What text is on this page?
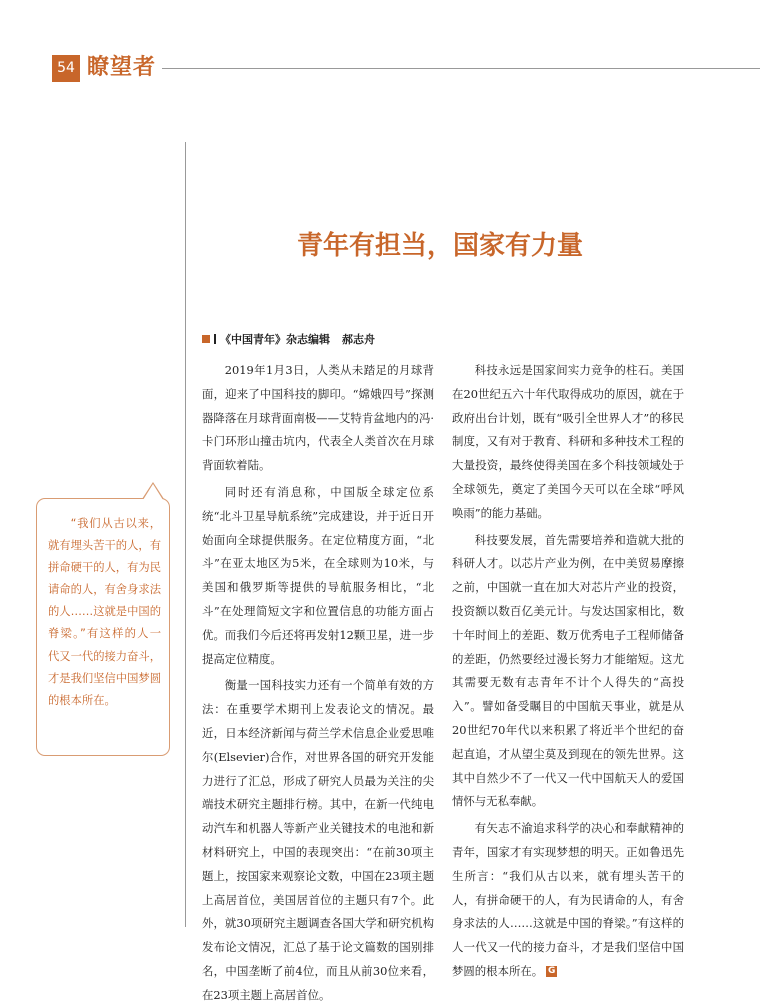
54 瞭望者
青年有担当，国家有力量
《中国青年》杂志编辑 郝志舟

2019年1月3日，人类从未踏足的月球背面，迎来了中国科技的脚印。“嫦娥四号”探测器降落在月球背面南极——艾特肯盆地内的冯·卡门环形山撞击坑内，代表全人类首次在月球背面软着陆。

同时还有消息称，中国版全球定位系统“北斗卫星导航系统”完成建设，并于近日开始面向全球提供服务。在定位精度方面，“北斗”在亚太地区为5米，在全球则为10米，与美国和俄罗斯等提供的导航服务相比，“北斗”在处理简短文字和位置信息的功能方面占优。而我们今后还将再发射12颗卫星，进一步提高定位精度。

衡量一国科技实力还有一个简单有效的方法：在重要学术期刊上发表论文的情况。最近，日本经济新闻与荷兰学术信息企业爱思唯尔(Elsevier)合作，对世界各国的研究开发能力进行了汇总，形成了研究人员最为关注的尖端技术研究主题排行榜。其中，在新一代纯电动汽车和机器人等新产业关键技术的电池和新材料研究上，中国的表现突出：“在前30项主题上，按国家来观察论文数，中国在23项主题上高居首位，美国居首位的主题只有7个。此外，就30项研究主题调查各国大学和研究机构发布论文情况，汇总了基于论文篇数的国别排名，中国垄断了前4位，而且从前30位来看，在23项主题上高居首位。

科技永远是国家间实力竞争的柱石。美国在20世纪五六十年代取得成功的原因，就在于政府出台计划，既有“吸引全世界人才”的移民制度，又有对于教育、科研和多种技术工程的大量投资，最终使得美国在多个科技领域处于全球领先，奠定了美国今天可以在全球“呼风唤雨”的能力基础。

科技要发展，首先需要培养和造就大批的科研人才。以芯片产业为例，在中美贸易摩擦之前，中国就一直在加大对芯片产业的投资，投资额以数百亿美元计。与发达国家相比，数十年时间上的差距、数万优秀电子工程师储备的差距，仍然要经过漫长努力才能缩短。这尤其需要无数有志青年不计个人得失的“高投入”。譬如备受瞩目的中国航天事业，就是从20世纪70年代以来积累了将近半个世纪的奋起直追，才从望尘莫及到现在的领先世界。这其中自然少不了一代又一代中国航天人的爱国情怀与无私奉献。

有矢志不渝追求科学的决心和奉献精神的青年，国家才有实现梦想的明天。正如鲁迅先生所言：“我们从古以来，就有埋头苦干的人，有拼命硬干的人，有为民请命的人，有舍身求法的人……这就是中国的脊梁。”有这样的人一代又一代的接力奋斗，才是我们坚信中国梦圆的根本所在。 G

“我们从古以来，就有埋头苦干的人，有拼命硬干的人，有为民请命的人，有舍身求法的人……这就是中国的脊梁。”有这样的人一代又一代的接力奋斗，才是我们坚信中国梦圆的根本所在。
